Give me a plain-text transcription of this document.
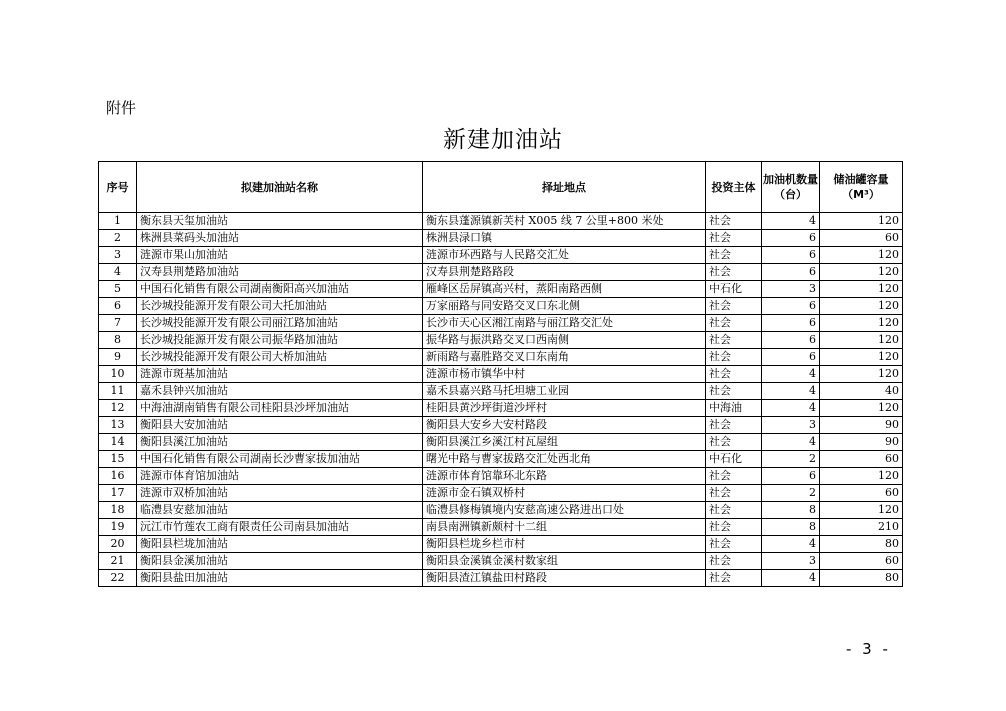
附件
新建加油站
序号	拟建加油站名称	择址地点	投资主体	加油机数量（台）	储油罐容量（M³）
1	衡东县天玺加油站	衡东县蓬源镇新芙村 X005 线 7 公里+800 米处	社会	4	120
2	株洲县菜码头加油站	株洲县渌口镇	社会	6	60
3	涟源市果山加油站	涟源市环西路与人民路交汇处	社会	6	120
4	汉寿县荆楚路加油站	汉寿县荆楚路路段	社会	6	120
5	中国石化销售有限公司湖南衡阳高兴加油站	雁峰区岳屏镇高兴村，蒸阳南路西侧	中石化	3	120
6	长沙城投能源开发有限公司大托加油站	万家丽路与同安路交叉口东北侧	社会	6	120
7	长沙城投能源开发有限公司丽江路加油站	长沙市天心区湘江南路与丽江路交汇处	社会	6	120
8	长沙城投能源开发有限公司振华路加油站	振华路与振洪路交叉口西南侧	社会	6	120
9	长沙城投能源开发有限公司大桥加油站	新雨路与嘉胜路交叉口东南角	社会	6	120
10	涟源市斑基加油站	涟源市杨市镇华中村	社会	4	120
11	嘉禾县钟兴加油站	嘉禾县嘉兴路马托坦塘工业园	社会	4	40
12	中海油湖南销售有限公司桂阳县沙坪加油站	桂阳县黄沙坪街道沙坪村	中海油	4	120
13	衡阳县大安加油站	衡阳县大安乡大安村路段	社会	3	90
14	衡阳县溪江加油站	衡阳县溪江乡溪江村瓦屋组	社会	4	90
15	中国石化销售有限公司湖南长沙曹家拔加油站	曙光中路与曹家拔路交汇处西北角	中石化	2	60
16	涟源市体育馆加油站	涟源市体育馆靠环北东路	社会	6	120
17	涟源市双桥加油站	涟源市金石镇双桥村	社会	2	60
18	临澧县安慈加油站	临澧县修梅镇境内安慈高速公路进出口处	社会	8	120
19	沅江市竹莲农工商有限责任公司南县加油站	南县南洲镇新颇村十二组	社会	8	210
20	衡阳县栏垅加油站	衡阳县栏垅乡栏市村	社会	4	80
21	衡阳县金溪加油站	衡阳县金溪镇金溪村数家组	社会	3	60
22	衡阳县盐田加油站	衡阳县渣江镇盐田村路段	社会	4	80
- 3 -
